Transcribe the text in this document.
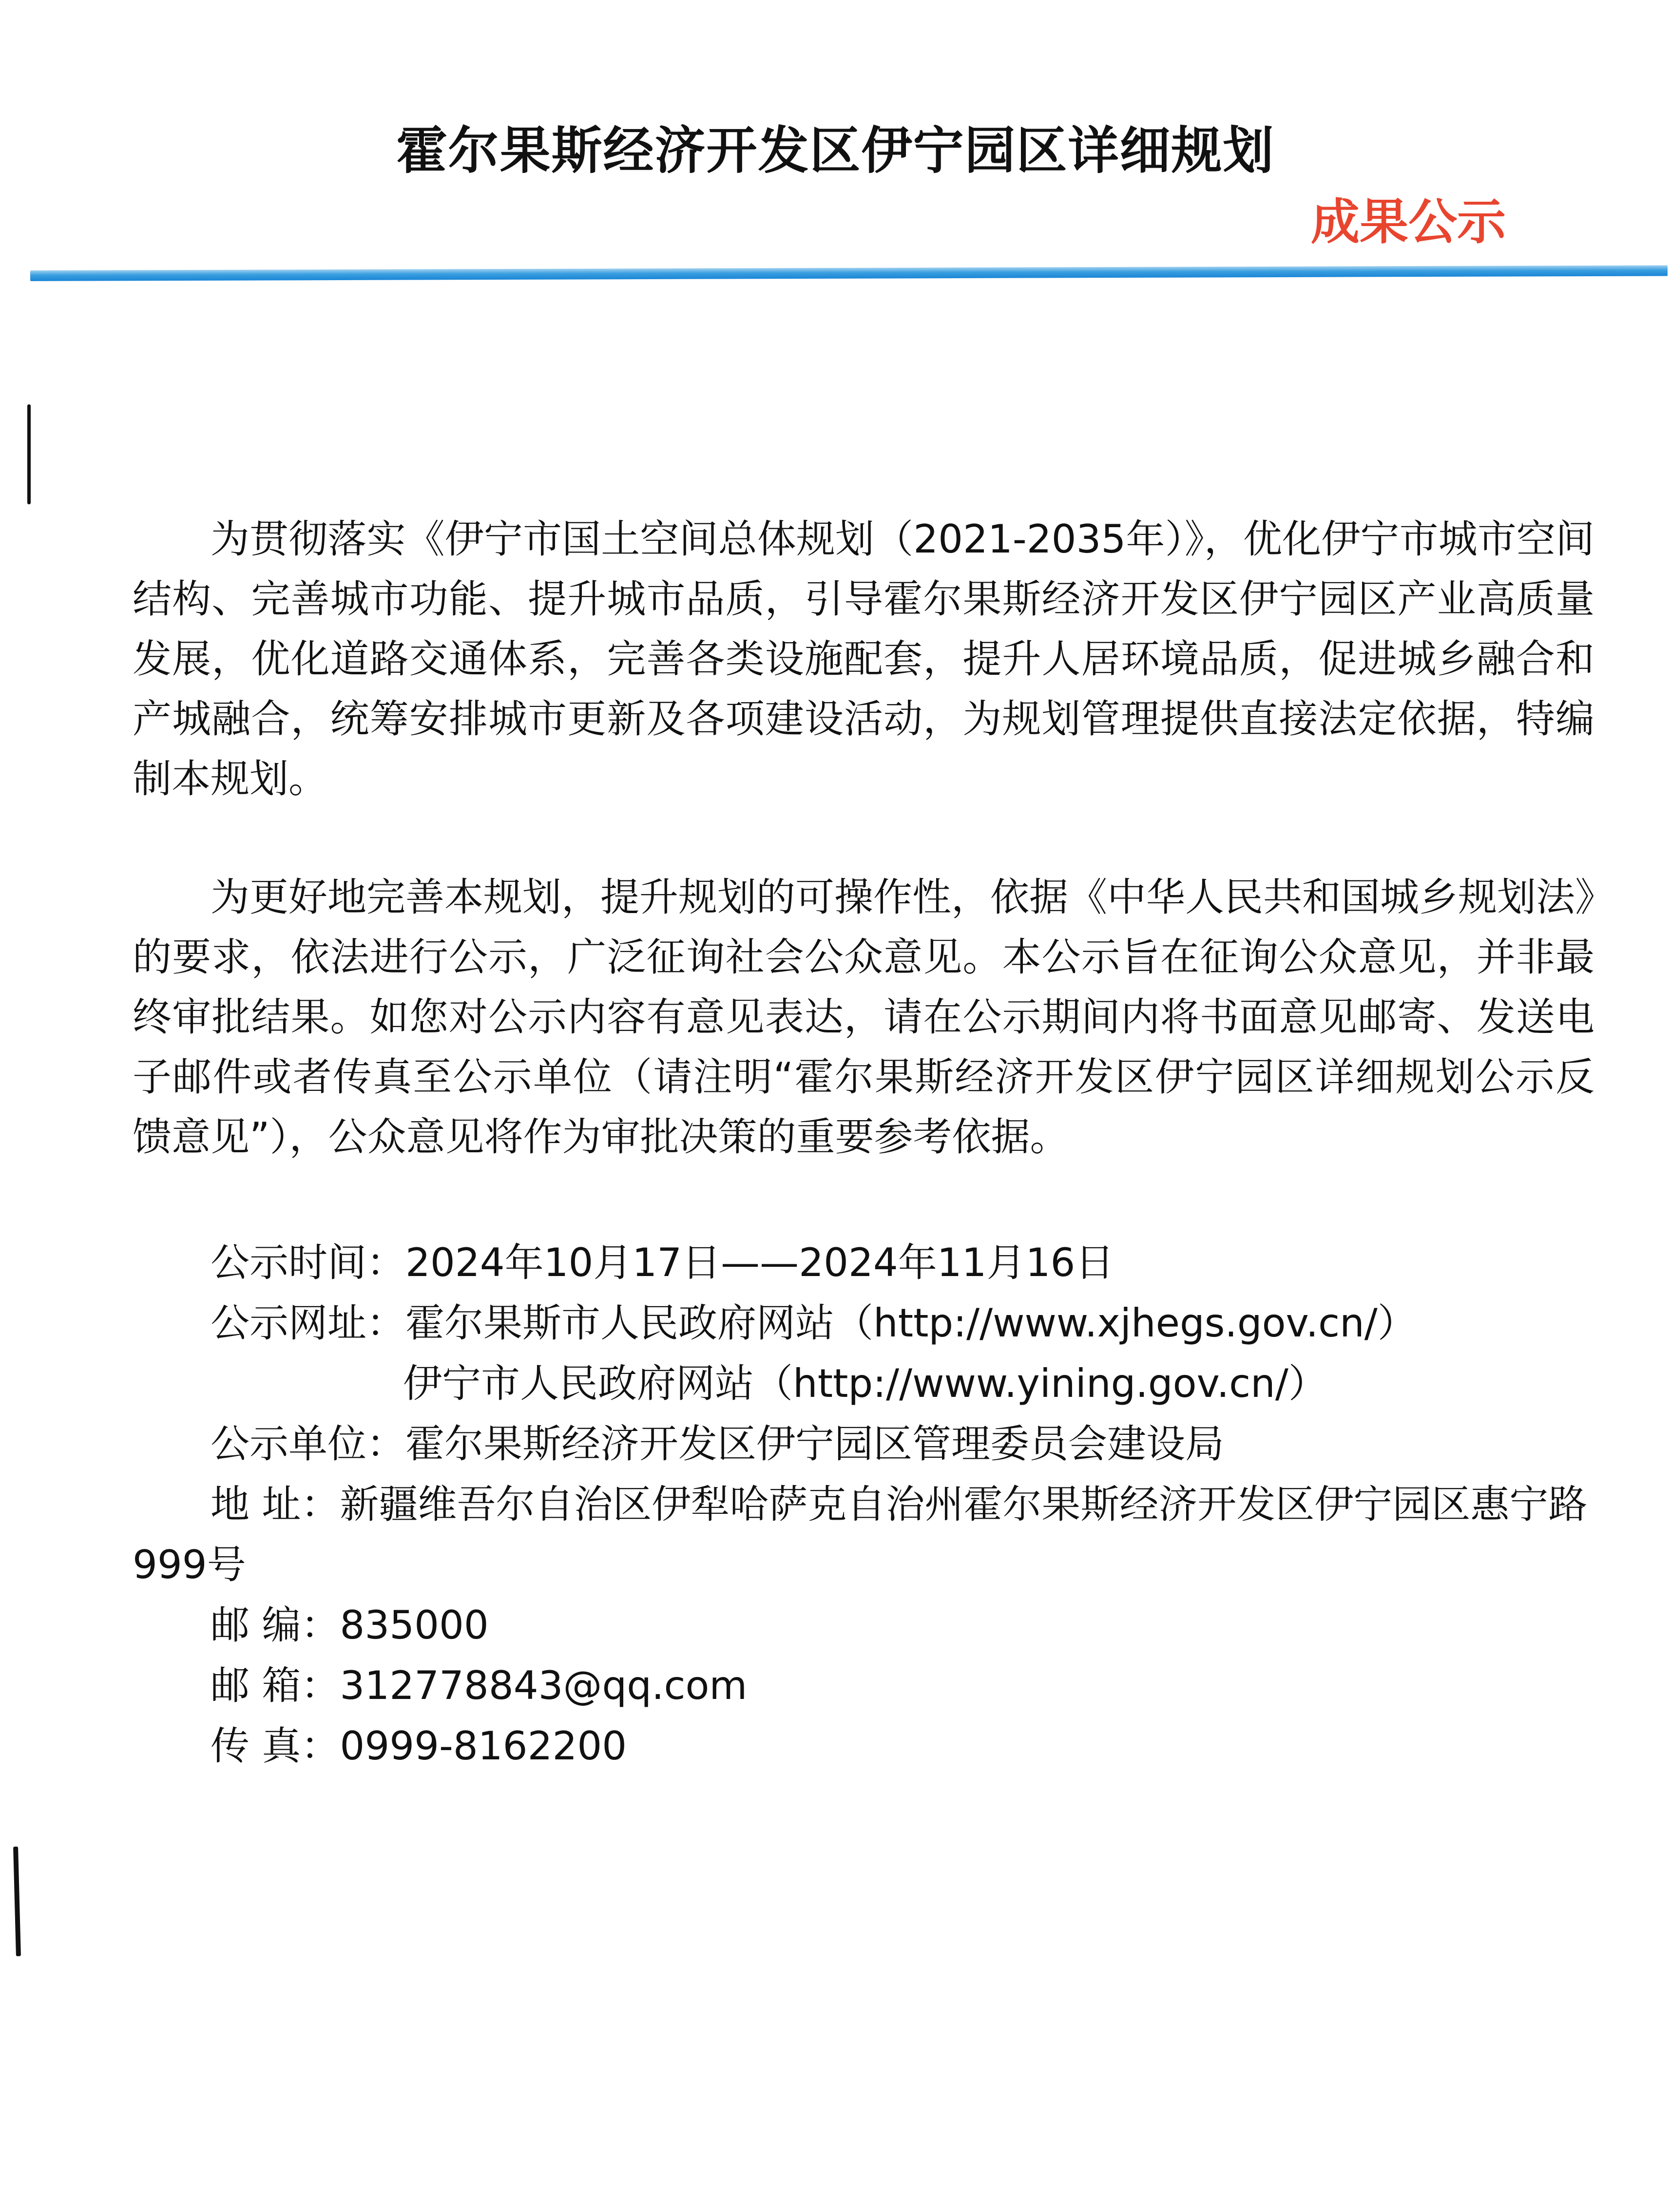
霍尔果斯经济开发区伊宁园区详细规划
成果公示

为贯彻落实《伊宁市国土空间总体规划（2021-2035年）》，优化伊宁市城市空间结构、完善城市功能、提升城市品质，引导霍尔果斯经济开发区伊宁园区产业高质量发展，优化道路交通体系，完善各类设施配套，提升人居环境品质，促进城乡融合和产城融合，统筹安排城市更新及各项建设活动，为规划管理提供直接法定依据，特编制本规划。

为更好地完善本规划，提升规划的可操作性，依据《中华人民共和国城乡规划法》的要求，依法进行公示，广泛征询社会公众意见。本公示旨在征询公众意见，并非最终审批结果。如您对公示内容有意见表达，请在公示期间内将书面意见邮寄、发送电子邮件或者传真至公示单位（请注明“霍尔果斯经济开发区伊宁园区详细规划公示反馈意见”），公众意见将作为审批决策的重要参考依据。

公示时间：2024年10月17日——2024年11月16日

公示网址：霍尔果斯市人民政府网站（http://www.xjhegs.gov.cn/）

伊宁市人民政府网站（http://www.yining.gov.cn/）

公示单位：霍尔果斯经济开发区伊宁园区管理委员会建设局

地 址：新疆维吾尔自治区伊犁哈萨克自治州霍尔果斯经济开发区伊宁园区惠宁路999号

邮 编：835000

邮 箱：312778843@qq.com

传 真：0999-8162200
